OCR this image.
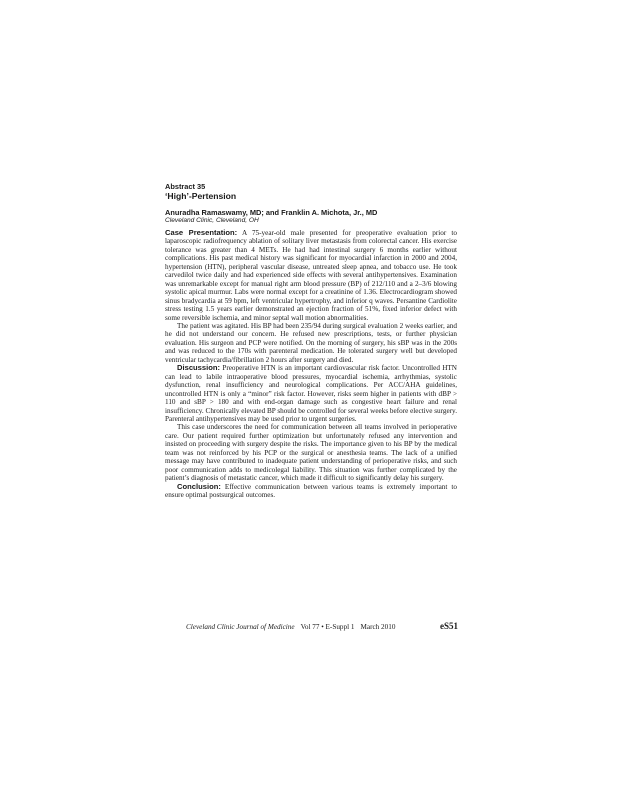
Abstract 35
‘High’-Pertension
Anuradha Ramaswamy, MD; and Franklin A. Michota, Jr., MD
Cleveland Clinic, Cleveland, OH

Case Presentation: A 75-year-old male presented for preoperative evaluation prior to laparoscopic radiofrequency ablation of solitary liver metastasis from colorectal cancer. His exercise tolerance was greater than 4 METs. He had had intestinal surgery 6 months earlier without complications. His past medical history was significant for myocardial infarction in 2000 and 2004, hypertension (HTN), peripheral vascular disease, untreated sleep apnea, and tobacco use. He took carvedilol twice daily and had experienced side effects with several antihypertensives. Examination was unremarkable except for manual right arm blood pressure (BP) of 212/110 and a 2–3/6 blowing systolic apical murmur. Labs were normal except for a creatinine of 1.36. Electrocardiogram showed sinus bradycardia at 59 bpm, left ventricular hypertrophy, and inferior q waves. Persantine Cardiolite stress testing 1.5 years earlier demonstrated an ejection fraction of 51%, fixed inferior defect with some reversible ischemia, and minor septal wall motion abnormalities.

The patient was agitated. His BP had been 235/94 during surgical evaluation 2 weeks earlier, and he did not understand our concern. He refused new prescriptions, tests, or further physician evaluation. His surgeon and PCP were notified. On the morning of surgery, his sBP was in the 200s and was reduced to the 170s with parenteral medication. He tolerated surgery well but developed ventricular tachycardia/fibrillation 2 hours after surgery and died.

Discussion: Preoperative HTN is an important cardiovascular risk factor. Uncontrolled HTN can lead to labile intraoperative blood pressures, myocardial ischemia, arrhythmias, systolic dysfunction, renal insufficiency and neurological complications. Per ACC/AHA guidelines, uncontrolled HTN is only a “minor” risk factor. However, risks seem higher in patients with dBP > 110 and sBP > 180 and with end-organ damage such as congestive heart failure and renal insufficiency. Chronically elevated BP should be controlled for several weeks before elective surgery. Parenteral antihypertensives may be used prior to urgent surgeries.

This case underscores the need for communication between all teams involved in perioperative care. Our patient required further optimization but unfortunately refused any intervention and insisted on proceeding with surgery despite the risks. The importance given to his BP by the medical team was not reinforced by his PCP or the surgical or anesthesia teams. The lack of a unified message may have contributed to inadequate patient understanding of perioperative risks, and such poor communication adds to medicolegal liability. This situation was further complicated by the patient’s diagnosis of metastatic cancer, which made it difficult to significantly delay his surgery.

Conclusion: Effective communication between various teams is extremely important to ensure optimal postsurgical outcomes.

Cleveland Clinic Journal of Medicine Vol 77 • E-Suppl 1 March 2010	eS51
